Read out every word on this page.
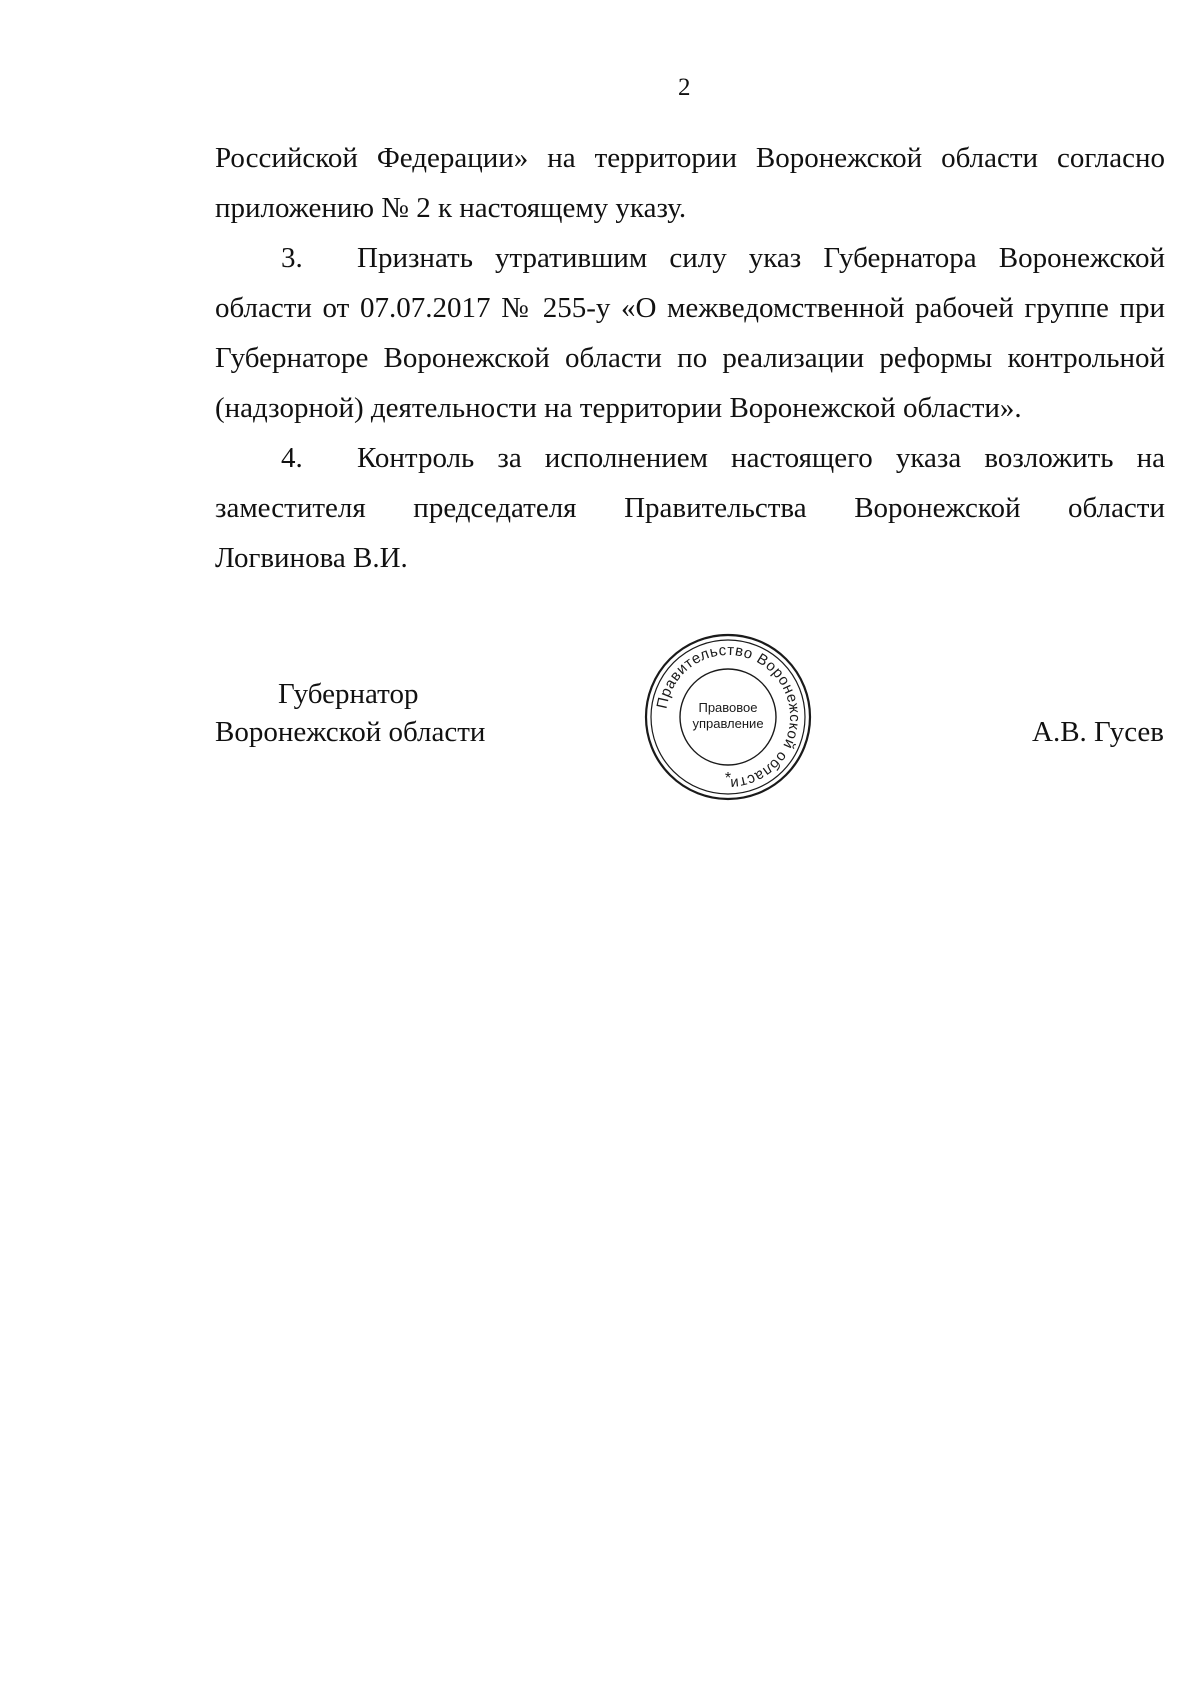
2

Российской Федерации» на территории Воронежской области согласно
приложению № 2 к настоящему указу.

3. Признать утратившим силу указ Губернатора Воронежской
области от 07.07.2017 № 255-у «О межведомственной рабочей группе при
Губернаторе Воронежской области по реализации реформы контрольной
(надзорной) деятельности на территории Воронежской области».

4. Контроль за исполнением настоящего указа возложить на
заместителя председателя Правительства Воронежской области
Логвинова В.И.

Губернатор
Воронежской области	А.В. Гусев
Правительство Воронежской области
Правовое
управление
*
